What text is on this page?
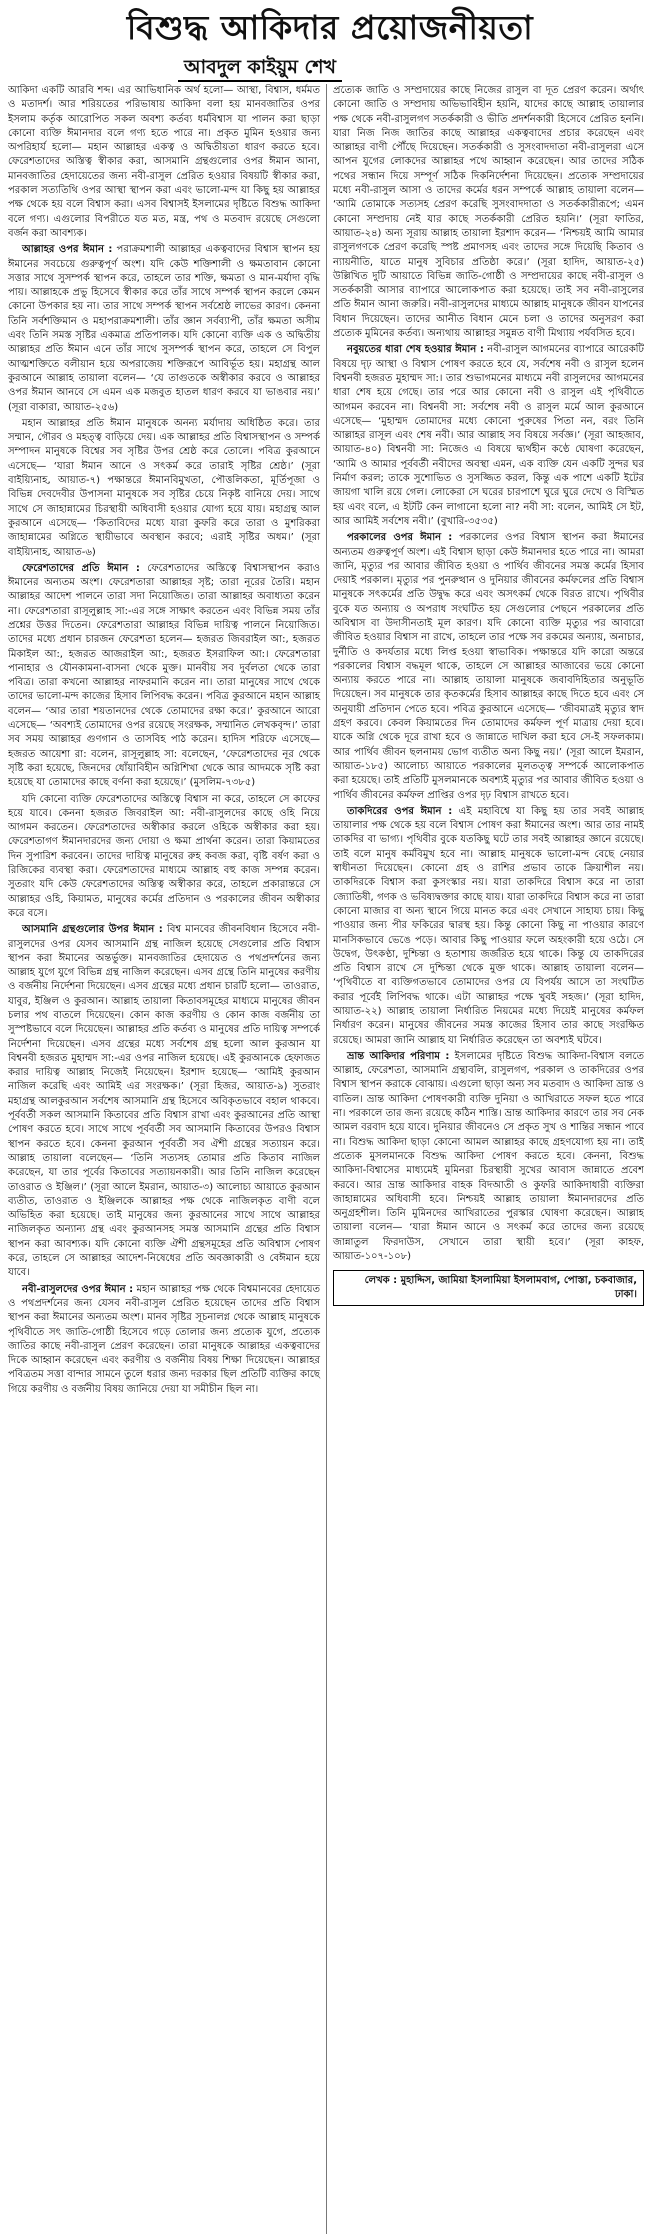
বিশুদ্ধ আকিদার প্রয়োজনীয়তা
আবদুল কাইয়ুম শেখ

আকিদা একটি আরবি শব্দ। এর আভিধানিক অর্থ হলো— আস্থা, বিশ্বাস, ধর্মমত ও মতাদর্শ। আর শরিয়তের পরিভাষায় আকিদা বলা হয় মানবজাতির ওপর ইসলাম কর্তৃক আরোপিত সকল অবশ্য কর্তব্য ধর্মবিশ্বাস যা পালন করা ছাড়া কোনো ব্যক্তি ঈমানদার বলে গণ্য হতে পারে না। প্রকৃত মুমিন হওয়ার জন্য অপরিহার্য হলো— মহান আল্লাহর একত্ব ও অদ্বিতীয়তা ধারণ করতে হবে। ফেরেশতাদের অস্তিত্ব স্বীকার করা, আসমানি গ্রন্থগুলোর ওপর ঈমান আনা, মানবজাতির হেদায়েতের জন্য নবী-রাসুল প্রেরিত হওয়ার বিষয়টি স্বীকার করা, পরকাল সত্যতিথি ওপর আস্থা স্থাপন করা এবং ভালো-মন্দ যা কিছু হয় আল্লাহর পক্ষ থেকে হয় বলে বিশ্বাস করা। এসব বিশ্বাসই ইসলামের দৃষ্টিতে বিশুদ্ধ আকিদা বলে গণ্য। এগুলোর বিপরীতে যত মত, মন্ত্র, পথ ও মতবাদ রয়েছে সেগুলো বর্জন করা আবশ্যক।

আল্লাহর ওপর ঈমান : পরাক্রমশালী আল্লাহর একত্ববাদের বিশ্বাস স্থাপন হয় ঈমানের সবচেয়ে গুরুত্বপূর্ণ অংশ। যদি কেউ শক্তিশালী ও ক্ষমতাবান কোনো সত্তার সাথে সুসম্পর্ক স্থাপন করে, তাহলে তার শক্তি, ক্ষমতা ও মান-মর্যাদা বৃদ্ধি পায়। আল্লাহকে প্রভু হিসেবে স্বীকার করে তাঁর সাথে সম্পর্ক স্থাপন করলে কেমন কোনো উপকার হয় না। তার সাথে সম্পর্ক স্থাপন সর্বশ্রেষ্ঠ লাভের কারণ। কেননা তিনি সর্বশক্তিমান ও মহাপরাক্রমশালী। তাঁর জ্ঞান সর্বব্যাপী, তাঁর ক্ষমতা অসীম এবং তিনি সমস্ত সৃষ্টির একমাত্র প্রতিপালক। যদি কোনো ব্যক্তি এক ও অদ্বিতীয় আল্লাহর প্রতি ঈমান এনে তাঁর সাথে সুসম্পর্ক স্থাপন করে, তাহলে সে বিপুল আত্মশক্তিতে বলীয়ান হয়ে অপরাজেয় শক্তিরূপে আবির্ভূত হয়। মহাগ্রন্থ আল কুরআনে আল্লাহ তায়ালা বলেন— ‘যে তাগুতকে অস্বীকার করবে ও আল্লাহর ওপর ঈমান আনবে সে এমন এক মজবুত হাতল ধারণ করবে যা ভাঙবার নয়।’ (সূরা বাকারা, আয়াত-২৫৬)

মহান আল্লাহর প্রতি ঈমান মানুষকে অনন্য মর্যাদায় অধিষ্ঠিত করে। তার সম্মান, গৌরব ও মহত্ত্ব বাড়িয়ে দেয়। এক আল্লাহর প্রতি বিশ্বাসস্থাপন ও সম্পর্ক সম্পাদন মানুষকে বিশ্বের সব সৃষ্টির উপর শ্রেষ্ঠ করে তোলে। পবিত্র কুরআনে এসেছে— ‘যারা ঈমান আনে ও সৎকর্ম করে তারাই সৃষ্টির শ্রেষ্ঠ।’ (সূরা বাইয়্যিনাহ, আয়াত-৭) পক্ষান্তরে ঈমানবিমুখতা, পৌত্তলিকতা, মূর্তিপূজা ও বিভিন্ন দেবদেবীর উপাসনা মানুষকে সব সৃষ্টির চেয়ে নিকৃষ্ট বানিয়ে দেয়। সাথে সাথে সে জাহান্নামের চিরস্থায়ী অধিবাসী হওয়ার যোগ্য হয়ে যায়। মহাগ্রন্থ আল কুরআনে এসেছে— ‘কিতাবিদের মধ্যে যারা কুফরি করে তারা ও মুশরিকরা জাহান্নামের অগ্নিতে স্থায়ীভাবে অবস্থান করবে; এরাই সৃষ্টির অধম।’ (সূরা বাইয়্যিনাহ, আয়াত-৬)

ফেরেশতাদের প্রতি ঈমান : ফেরেশতাদের অস্তিত্বে বিশ্বাসস্থাপন করাও ঈমানের অন্যতম অংশ। ফেরেশতারা আল্লাহর সৃষ্ট; তারা নূরের তৈরি। মহান আল্লাহর আদেশ পালনে তারা সদা নিয়োজিত। তারা আল্লাহর অবাধ্যতা করেন না। ফেরেশতারা রাসূলুল্লাহ সা:-এর সঙ্গে সাক্ষাৎ করতেন এবং বিভিন্ন সময় তাঁর প্রশ্নের উত্তর দিতেন। ফেরেশতারা আল্লাহর বিভিন্ন দায়িত্ব পালনে নিয়োজিত। তাদের মধ্যে প্রধান চারজন ফেরেশতা হলেন— হজরত জিবরাইল আ:, হজরত মিকাইল আ:, হজরত আজরাইল আ:, হজরত ইসরাফিল আ:। ফেরেশতারা পানাহার ও যৌনকামনা-বাসনা থেকে মুক্ত। মানবীয় সব দুর্বলতা থেকে তারা পবিত্র। তারা কখনো আল্লাহর নাফরমানি করেন না। তারা মানুষের সাথে থেকে তাদের ভালো-মন্দ কাজের হিসাব লিপিবদ্ধ করেন। পবিত্র কুরআনে মহান আল্লাহ বলেন— ‘আর তারা শয়তানদের থেকে তোমাদের রক্ষা করে।’ কুরআনে আরো এসেছে— ‘অবশ্যই তোমাদের ওপর রয়েছে সংরক্ষক, সম্মানিত লেখকবৃন্দ।’ তারা সব সময় আল্লাহর গুণগান ও তাসবিহ পাঠ করেন। হাদিস শরিফে এসেছে— হজরত আয়েশা রা: বলেন, রাসূলুল্লাহ সা: বলেছেন, ‘ফেরেশতাদের নূর থেকে সৃষ্টি করা হয়েছে, জিনদের ধোঁয়াবিহীন অগ্নিশিখা থেকে আর আদমকে সৃষ্টি করা হয়েছে যা তোমাদের কাছে বর্ণনা করা হয়েছে।’ (মুসলিম-৭৩৮৫)

যদি কোনো ব্যক্তি ফেরেশতাদের অস্তিত্বে বিশ্বাস না করে, তাহলে সে কাফের হয়ে যাবে। কেননা হজরত জিবরাইল আ: নবী-রাসুলদের কাছে ওহি নিয়ে আগমন করতেন। ফেরেশতাদের অস্বীকার করলে ওহিকে অস্বীকার করা হয়। ফেরেশতাগণ ঈমানদারদের জন্য দোয়া ও ক্ষমা প্রার্থনা করেন। তারা কিয়ামতের দিন সুপারিশ করবেন। তাদের দায়িত্ব মানুষের রুহ কবজ করা, বৃষ্টি বর্ষণ করা ও রিজিকের ব্যবস্থা করা। ফেরেশতাদের মাধ্যমে আল্লাহ বহু কাজ সম্পন্ন করেন। সুতরাং যদি কেউ ফেরেশতাদের অস্তিত্ব অস্বীকার করে, তাহলে প্রকারান্তরে সে আল্লাহর ওহি, কিয়ামত, মানুষের কর্মের প্রতিদান ও পরকালের জীবন অস্বীকার করে বসে।

আসমানি গ্রন্থগুলোর উপর ঈমান : বিশ্ব মানবের জীবনবিধান হিসেবে নবী-রাসুলদের ওপর যেসব আসমানি গ্রন্থ নাজিল হয়েছে সেগুলোর প্রতি বিশ্বাস স্থাপন করা ঈমানের অন্তর্ভুক্ত। মানবজাতির হেদায়েত ও পথপ্রদর্শনের জন্য আল্লাহ যুগে যুগে বিভিন্ন গ্রন্থ নাজিল করেছেন। এসব গ্রন্থে তিনি মানুষের করণীয় ও বর্জনীয় নির্দেশনা দিয়েছেন। এসব গ্রন্থের মধ্যে প্রধান চারটি হলো— তাওরাত, যাবুর, ইঞ্জিল ও কুরআন। আল্লাহ তায়ালা কিতাবসমূহের মাধ্যমে মানুষের জীবন চলার পথ বাতলে দিয়েছেন। কোন কাজ করণীয় ও কোন কাজ বর্জনীয় তা সুস্পষ্টভাবে বলে দিয়েছেন। আল্লাহর প্রতি কর্তব্য ও মানুষের প্রতি দায়িত্ব সম্পর্কে নির্দেশনা দিয়েছেন। এসব গ্রন্থের মধ্যে সর্বশেষ গ্রন্থ হলো আল কুরআন যা বিশ্বনবী হজরত মুহাম্মদ সা:-এর ওপর নাজিল হয়েছে। এই কুরআনকে হেফাজত করার দায়িত্ব আল্লাহ নিজেই নিয়েছেন। ইরশাদ হয়েছে— ‘আমিই কুরআন নাজিল করেছি এবং আমিই এর সংরক্ষক।’ (সূরা হিজর, আয়াত-৯) সুতরাং মহাগ্রন্থ আলকুরআন সর্বশেষ আসমানি গ্রন্থ হিসেবে অবিকৃতভাবে বহাল থাকবে। পূর্ববর্তী সকল আসমানি কিতাবের প্রতি বিশ্বাস রাখা এবং কুরআনের প্রতি আস্থা পোষণ করতে হবে। সাথে সাথে পূর্ববর্তী সব আসমানি কিতাবের উপরও বিশ্বাস স্থাপন করতে হবে। কেননা কুরআন পূর্ববর্তী সব ঐশী গ্রন্থের সত্যায়ন করে। আল্লাহ তায়ালা বলেছেন— ‘তিনি সত্যসহ তোমার প্রতি কিতাব নাজিল করেছেন, যা তার পূর্বের কিতাবের সত্যায়নকারী। আর তিনি নাজিল করেছেন তাওরাত ও ইঞ্জিল।’ (সূরা আলে ইমরান, আয়াত-৩) আলোচ্য আয়াতে কুরআন ব্যতীত, তাওরাত ও ইঞ্জিলকে আল্লাহর পক্ষ থেকে নাজিলকৃত বাণী বলে অভিহিত করা হয়েছে। তাই মানুষের জন্য কুরআনের সাথে সাথে আল্লাহর নাজিলকৃত অন্যান্য গ্রন্থ এবং কুরআনসহ সমস্ত আসমানি গ্রন্থের প্রতি বিশ্বাস স্থাপন করা আবশ্যক। যদি কোনো ব্যক্তি ঐশী গ্রন্থসমূহের প্রতি অবিশ্বাস পোষণ করে, তাহলে সে আল্লাহর আদেশ-নিষেধের প্রতি অবজ্ঞাকারী ও বেঈমান হয়ে যাবে।

নবী-রাসুলদের ওপর ঈমান : মহান আল্লাহর পক্ষ থেকে বিশ্বমানবের হেদায়েত ও পথপ্রদর্শনের জন্য যেসব নবী-রাসুল প্রেরিত হয়েছেন তাদের প্রতি বিশ্বাস স্থাপন করা ঈমানের অন্যতম অংশ। মানব সৃষ্টির সূচনালগ্ন থেকে আল্লাহ মানুষকে পৃথিবীতে সৎ জাতি-গোষ্ঠী হিসেবে গড়ে তোলার জন্য প্রত্যেক যুগে, প্রত্যেক জাতির কাছে নবী-রাসুল প্রেরণ করেছেন। তারা মানুষকে আল্লাহর একত্ববাদের দিকে আহ্বান করেছেন এবং করণীয় ও বর্জনীয় বিষয় শিক্ষা দিয়েছেন। আল্লাহর পবিত্রতম সত্তা বান্দার সামনে তুলে ধরার জন্য দরকার ছিল প্রতিটি ব্যক্তির কাছে গিয়ে করণীয় ও বর্জনীয় বিষয় জানিয়ে দেয়া যা সমীচীন ছিল না।

প্রত্যেক জাতি ও সম্প্রদায়ের কাছে নিজের রাসুল বা দূত প্রেরণ করেন। অর্থাৎ কোনো জাতি ও সম্প্রদায় অভিভাবিহীন হয়নি, যাদের কাছে আল্লাহ তায়ালার পক্ষ থেকে নবী-রাসুলগণ সতর্ককারী ও ভীতি প্রদর্শনকারী হিসেবে প্রেরিত হননি। যারা নিজ নিজ জাতির কাছে আল্লাহর একত্ববাদের প্রচার করেছেন এবং আল্লাহর বাণী পৌঁছে দিয়েছেন। সতর্ককারী ও সুসংবাদদাতা নবী-রাসুলরা এসে আপন যুগের লোকদের আল্লাহর পথে আহ্বান করেছেন। আর তাদের সঠিক পথের সন্ধান দিয়ে সম্পূর্ণ সঠিক দিকনির্দেশনা দিয়েছেন। প্রত্যেক সম্প্রদায়ের মধ্যে নবী-রাসুল আসা ও তাদের কর্মের ধরন সম্পর্কে আল্লাহ তায়ালা বলেন— ‘আমি তোমাকে সত্যসহ প্রেরণ করেছি সুসংবাদদাতা ও সতর্ককারীরূপে; এমন কোনো সম্প্রদায় নেই যার কাছে সতর্ককারী প্রেরিত হয়নি।’ (সূরা ফাতির, আয়াত-২৪) অন্য সূরায় আল্লাহ তায়ালা ইরশাদ করেন— ‘নিশ্চয়ই আমি আমার রাসুলগণকে প্রেরণ করেছি স্পষ্ট প্রমাণসহ এবং তাদের সঙ্গে দিয়েছি কিতাব ও ন্যায়নীতি, যাতে মানুষ সুবিচার প্রতিষ্ঠা করে।’ (সূরা হাদিদ, আয়াত-২৫) উল্লিখিত দুটি আয়াতে বিভিন্ন জাতি-গোষ্ঠী ও সম্প্রদায়ের কাছে নবী-রাসুল ও সতর্ককারী আসার ব্যাপারে আলোকপাত করা হয়েছে। তাই সব নবী-রাসুলের প্রতি ঈমান আনা জরুরি। নবী-রাসুলদের মাধ্যমে আল্লাহ মানুষকে জীবন যাপনের বিধান দিয়েছেন। তাদের আনীত বিধান মেনে চলা ও তাদের অনুসরণ করা প্রত্যেক মুমিনের কর্তব্য। অন্যথায় আল্লাহর সমুন্নত বাণী মিথ্যায় পর্যবসিত হবে।

নবুয়তের ধারা শেষ হওয়ার ঈমান : নবী-রাসুল আগমনের ব্যাপারে আরেকটি বিষয়ে দৃঢ় আস্থা ও বিশ্বাস পোষণ করতে হবে যে, সর্বশেষ নবী ও রাসুল হলেন বিশ্বনবী হজরত মুহাম্মদ সা:। তার শুভাগমনের মাধ্যমে নবী রাসুলদের আগমনের ধারা শেষ হয়ে গেছে। তার পরে আর কোনো নবী ও রাসুল এই পৃথিবীতে আগমন করবেন না। বিশ্বনবী সা: সর্বশেষ নবী ও রাসুল মর্মে আল কুরআনে এসেছে— ‘মুহাম্মদ তোমাদের মধ্যে কোনো পুরুষের পিতা নন, বরং তিনি আল্লাহর রাসূল এবং শেষ নবী। আর আল্লাহ সব বিষয়ে সর্বজ্ঞ।’ (সূরা আহজাব, আয়াত-৪০) বিশ্বনবী সা: নিজেও এ বিষয়ে দ্ব্যর্থহীন কণ্ঠে ঘোষণা করেছেন, ‘আমি ও আমার পূর্ববর্তী নবীদের অবস্থা এমন, এক ব্যক্তি যেন একটি সুন্দর ঘর নির্মাণ করল; তাকে সুশোভিত ও সুসজ্জিত করল, কিন্তু এক পাশে একটি ইটের জায়গা খালি রয়ে গেল। লোকেরা সে ঘরের চারপাশে ঘুরে ঘুরে দেখে ও বিস্মিত হয় এবং বলে, এ ইটটি কেন লাগানো হলো না? নবী সা: বলেন, আমিই সে ইট, আর আমিই সর্বশেষ নবী।’ (বুখারি-৩৫৩৫)

পরকালের ওপর ঈমান : পরকালের ওপর বিশ্বাস স্থাপন করা ঈমানের অন্যতম গুরুত্বপূর্ণ অংশ। এই বিশ্বাস ছাড়া কেউ ঈমানদার হতে পারে না। আমরা জানি, মৃত্যুর পর আবার জীবিত হওয়া ও পার্থিব জীবনের সমস্ত কর্মের হিসাব দেয়াই পরকাল। মৃত্যুর পর পুনরুত্থান ও দুনিয়ার জীবনের কর্মফলের প্রতি বিশ্বাস মানুষকে সৎকর্মের প্রতি উদ্বুদ্ধ করে এবং অসৎকর্ম থেকে বিরত রাখে। পৃথিবীর বুকে যত অন্যায় ও অপরাধ সংঘটিত হয় সেগুলোর পেছনে পরকালের প্রতি অবিশ্বাস বা উদাসীনতাই মূল কারণ। যদি কোনো ব্যক্তি মৃত্যুর পর আবারো জীবিত হওয়ার বিশ্বাস না রাখে, তাহলে তার পক্ষে সব রকমের অন্যায়, অনাচার, দুর্নীতি ও কদর্যতার মধ্যে লিপ্ত হওয়া স্বাভাবিক। পক্ষান্তরে যদি কারো অন্তরে পরকালের বিশ্বাস বদ্ধমূল থাকে, তাহলে সে আল্লাহর আজাবের ভয়ে কোনো অন্যায় করতে পারে না। আল্লাহ তায়ালা মানুষকে জবাবদিহিতার অনুভূতি দিয়েছেন। সব মানুষকে তার কৃতকর্মের হিসাব আল্লাহর কাছে দিতে হবে এবং সে অনুযায়ী প্রতিদান পেতে হবে। পবিত্র কুরআনে এসেছে— ‘জীবমাত্রই মৃত্যুর স্বাদ গ্রহণ করবে। কেবল কিয়ামতের দিন তোমাদের কর্মফল পূর্ণ মাত্রায় দেয়া হবে। যাকে অগ্নি থেকে দূরে রাখা হবে ও জান্নাতে দাখিল করা হবে সে-ই সফলকাম। আর পার্থিব জীবন ছলনাময় ভোগ ব্যতীত অন্য কিছু নয়।’ (সূরা আলে ইমরান, আয়াত-১৮৫) আলোচ্য আয়াতে পরকালের মূলতত্ত্ব সম্পর্কে আলোকপাত করা হয়েছে। তাই প্রতিটি মুসলমানকে অবশ্যই মৃত্যুর পর আবার জীবিত হওয়া ও পার্থিব জীবনের কর্মফল প্রাপ্তির ওপর দৃঢ় বিশ্বাস রাখতে হবে।

তাকদিরের ওপর ঈমান : এই মহাবিশ্বে যা কিছু হয় তার সবই আল্লাহ তায়ালার পক্ষ থেকে হয় বলে বিশ্বাস পোষণ করা ঈমানের অংশ। আর তার নামই তাকদির বা ভাগ্য। পৃথিবীর বুকে যতকিছু ঘটে তার সবই আল্লাহর জ্ঞানে রয়েছে। তাই বলে মানুষ কর্মবিমুখ হবে না। আল্লাহ মানুষকে ভালো-মন্দ বেছে নেয়ার স্বাধীনতা দিয়েছেন। কোনো গ্রহ ও রাশির প্রভাব তাকে ক্রিয়াশীল নয়। তাকদিরকে বিশ্বাস করা কুসংস্কার নয়। যারা তাকদিরে বিশ্বাস করে না তারা জ্যোতিষী, গণক ও ভবিষ্যদ্বক্তার কাছে যায়। যারা তাকদিরে বিশ্বাস করে না তারা কোনো মাজার বা অন্য স্থানে গিয়ে মানত করে এবং সেখানে সাহায্য চায়। কিছু পাওয়ার জন্য পীর ফকিরের দ্বারস্থ হয়। কিন্তু কোনো কিছু না পাওয়ার কারণে মানসিকভাবে ভেঙে পড়ে। আবার কিছু পাওয়ার ফলে অহংকারী হয়ে ওঠে। সে উদ্বেগ, উৎকণ্ঠা, দুশ্চিন্তা ও হতাশায় জর্জরিত হয়ে থাকে। কিন্তু যে তাকদিরের প্রতি বিশ্বাস রাখে সে দুশ্চিন্তা থেকে মুক্ত থাকে। আল্লাহ তায়ালা বলেন— ‘পৃথিবীতে বা ব্যক্তিগতভাবে তোমাদের ওপর যে বিপর্যয় আসে তা সংঘটিত করার পূর্বেই লিপিবদ্ধ থাকে। এটা আল্লাহর পক্ষে খুবই সহজ।’ (সূরা হাদিদ, আয়াত-২২) আল্লাহ তায়ালা নির্ধারিত নিয়মের মধ্যে দিয়েই মানুষের কর্মফল নির্ধারণ করেন। মানুষের জীবনের সমস্ত কাজের হিসাব তার কাছে সংরক্ষিত রয়েছে। আমরা জানি আল্লাহ যা নির্ধারিত করেছেন তা অবশ্যই ঘটবে।

ভ্রান্ত আকিদার পরিণাম : ইসলামের দৃষ্টিতে বিশুদ্ধ আকিদা-বিশ্বাস বলতে আল্লাহ, ফেরেশতা, আসমানি গ্রন্থাবলি, রাসুলগণ, পরকাল ও তাকদিরের ওপর বিশ্বাস স্থাপন করাকে বোঝায়। এগুলো ছাড়া অন্য সব মতবাদ ও আকিদা ভ্রান্ত ও বাতিল। ভ্রান্ত আকিদা পোষণকারী ব্যক্তি দুনিয়া ও আখিরাতে সফল হতে পারে না। পরকালে তার জন্য রয়েছে কঠিন শাস্তি। ভ্রান্ত আকিদার কারণে তার সব নেক আমল বরবাদ হয়ে যাবে। দুনিয়ার জীবনেও সে প্রকৃত সুখ ও শান্তির সন্ধান পাবে না। বিশুদ্ধ আকিদা ছাড়া কোনো আমল আল্লাহর কাছে গ্রহণযোগ্য হয় না। তাই প্রত্যেক মুসলমানকে বিশুদ্ধ আকিদা পোষণ করতে হবে। কেননা, বিশুদ্ধ আকিদা-বিশ্বাসের মাধ্যমেই মুমিনরা চিরস্থায়ী সুখের আবাস জান্নাতে প্রবেশ করবে। আর ভ্রান্ত আকিদার বাহক বিদআতী ও কুফরি আকিদাধারী ব্যক্তিরা জাহান্নামের অধিবাসী হবে। নিশ্চয়ই আল্লাহ তায়ালা ঈমানদারদের প্রতি অনুগ্রহশীল। তিনি মুমিনদের আখিরাতের পুরস্কার ঘোষণা করেছেন। আল্লাহ তায়ালা বলেন— ‘যারা ঈমান আনে ও সৎকর্ম করে তাদের জন্য রয়েছে জান্নাতুল ফিরদাউস, সেখানে তারা স্থায়ী হবে।’ (সূরা কাহফ, আয়াত-১০৭-১০৮)

লেখক : মুহাদ্দিস, জামিয়া ইসলামিয়া ইসলামবাগ, পোস্তা, চকবাজার, ঢাকা।
